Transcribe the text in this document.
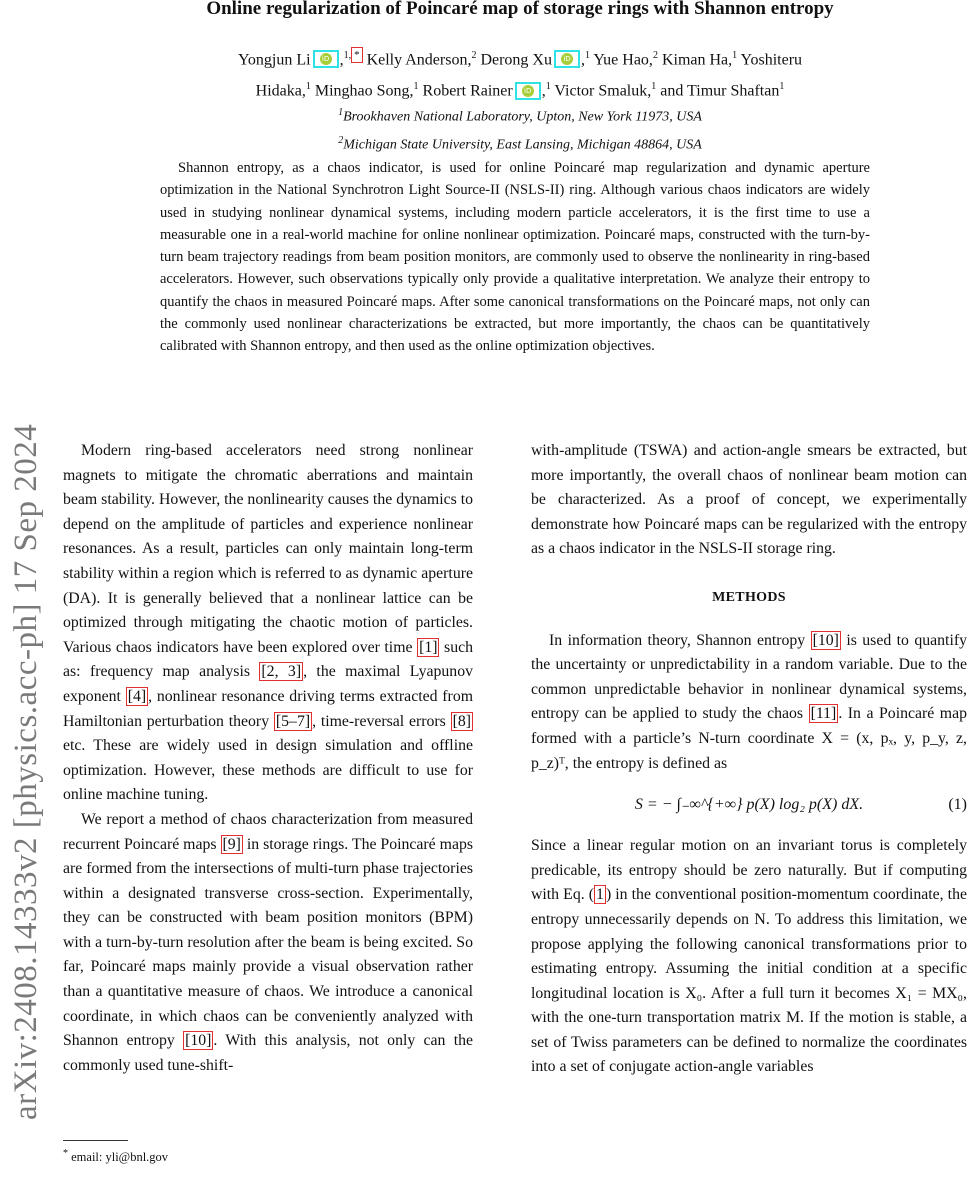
arXiv:2408.14333v2 [physics.acc-ph] 17 Sep 2024
Online regularization of Poincaré map of storage rings with Shannon entropy
Yongjun Li iD ,$^{1,}$ * Kelly Anderson,$^2$ Derong Xu iD ,$^1$ Yue Hao,$^2$ Kiman Ha,$^1$ Yoshiteru
Hidaka,$^1$ Minghao Song,$^1$ Robert Rainer iD ,$^1$ Victor Smaluk,$^1$ and Timur Shaftan$^1$
$^1$Brookhaven National Laboratory, Upton, New York 11973, USA
$^2$Michigan State University, East Lansing, Michigan 48864, USA
Shannon entropy, as a chaos indicator, is used for online Poincaré map regularization and dynamic aperture optimization in the National Synchrotron Light Source-II (NSLS-II) ring. Although various chaos indicators are widely used in studying nonlinear dynamical systems, including modern particle accelerators, it is the first time to use a measurable one in a real-world machine for online nonlinear optimization. Poincaré maps, constructed with the turn-by-turn beam trajectory readings from beam position monitors, are commonly used to observe the nonlinearity in ring-based accelerators. However, such observations typically only provide a qualitative interpretation. We analyze their entropy to quantify the chaos in measured Poincaré maps. After some canonical transformations on the Poincaré maps, not only can the commonly used nonlinear characterizations be extracted, but more importantly, the chaos can be quantitatively calibrated with Shannon entropy, and then used as the online optimization objectives.

Modern ring-based accelerators need strong nonlinear magnets to mitigate the chromatic aberrations and maintain beam stability. However, the nonlinearity causes the dynamics to depend on the amplitude of particles and experience nonlinear resonances. As a result, particles can only maintain long-term stability within a region which is referred to as dynamic aperture (DA). It is generally believed that a nonlinear lattice can be optimized through mitigating the chaotic motion of particles. Various chaos indicators have been explored over time [1] such as: frequency map analysis [2, 3] , the maximal Lyapunov exponent [4] , nonlinear resonance driving terms extracted from Hamiltonian perturbation theory [5–7] , time-reversal errors [8] etc. These are widely used in design simulation and offline optimization. However, these methods are difficult to use for online machine tuning.

We report a method of chaos characterization from measured recurrent Poincaré maps [9] in storage rings. The Poincaré maps are formed from the intersections of multi-turn phase trajectories within a designated transverse cross-section. Experimentally, they can be constructed with beam position monitors (BPM) with a turn-by-turn resolution after the beam is being excited. So far, Poincaré maps mainly provide a visual observation rather than a quantitative measure of chaos. We introduce a canonical coordinate, in which chaos can be conveniently analyzed with Shannon entropy [10] . With this analysis, not only can the commonly used tune-shift-

with-amplitude (TSWA) and action-angle smears be extracted, but more importantly, the overall chaos of nonlinear beam motion can be characterized. As a proof of concept, we experimentally demonstrate how Poincaré maps can be regularized with the entropy as a chaos indicator in the NSLS-II storage ring.

METHODS

In information theory, Shannon entropy [10] is used to quantify the uncertainty or unpredictability in a random variable. Due to the common unpredictable behavior in nonlinear dynamical systems, entropy can be applied to study the chaos [11] . In a Poincaré map formed with a particle’s N-turn coordinate X = (x, pₓ, y, p_y, z, p_z)ᵀ, the entropy is defined as

S = − ∫₋∞^{+∞} p(X) log₂ p(X) dX.	(1)

Since a linear regular motion on an invariant torus is completely predicable, its entropy should be zero naturally. But if computing with Eq. ( 1 ) in the conventional position-momentum coordinate, the entropy unnecessarily depends on N. To address this limitation, we propose applying the following canonical transformations prior to estimating entropy. Assuming the initial condition at a specific longitudinal location is X₀. After a full turn it becomes X₁ = MX₀, with the one-turn transportation matrix M. If the motion is stable, a set of Twiss parameters can be defined to normalize the coordinates into a set of conjugate action-angle variables

* email: yli@bnl.gov
